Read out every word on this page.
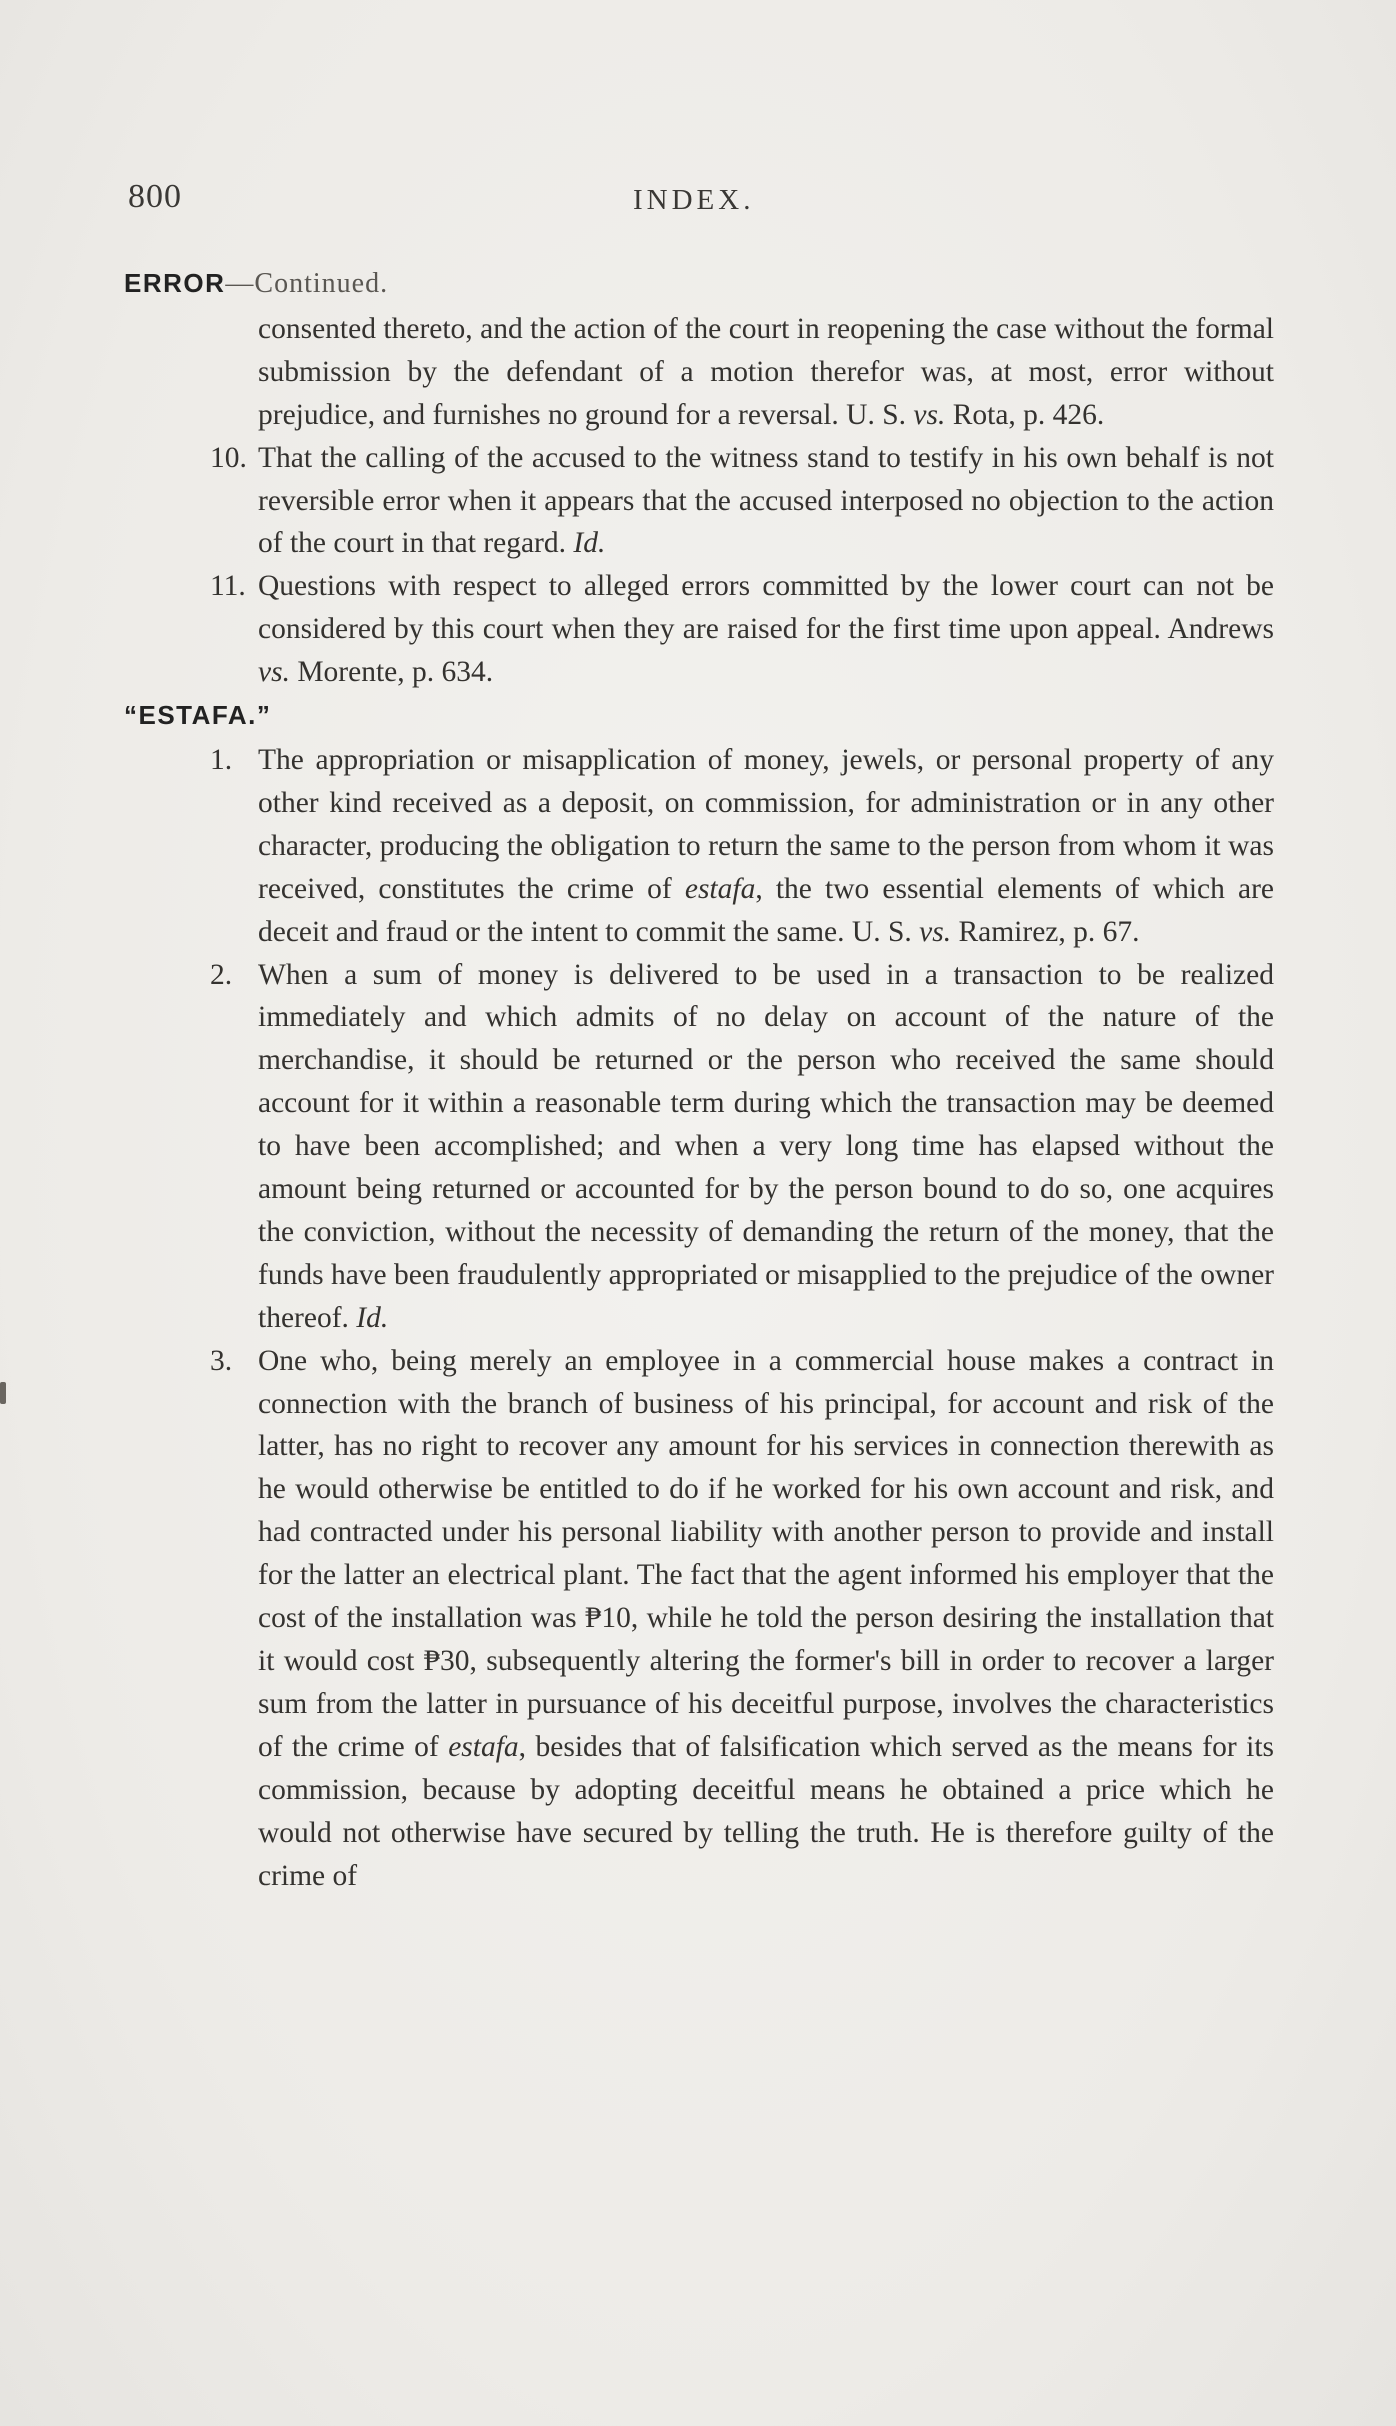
800	INDEX.
ERROR—Continued.

consented thereto, and the action of the court in reopening the case without the formal submission by the defendant of a motion therefor was, at most, error without prejudice, and furnishes no ground for a reversal. U. S. vs. Rota, p. 426.

10. That the calling of the accused to the witness stand to testify in his own behalf is not reversible error when it appears that the accused interposed no objection to the action of the court in that regard. Id.

11. Questions with respect to alleged errors committed by the lower court can not be considered by this court when they are raised for the first time upon appeal. Andrews vs. Morente, p. 634.

“ESTAFA.”

1. The appropriation or misapplication of money, jewels, or personal property of any other kind received as a deposit, on commission, for administration or in any other character, producing the obligation to return the same to the person from whom it was received, constitutes the crime of estafa, the two essential elements of which are deceit and fraud or the intent to commit the same. U. S. vs. Ramirez, p. 67.

2. When a sum of money is delivered to be used in a transaction to be realized immediately and which admits of no delay on account of the nature of the merchandise, it should be returned or the person who received the same should account for it within a reasonable term during which the transaction may be deemed to have been accomplished; and when a very long time has elapsed without the amount being returned or accounted for by the person bound to do so, one acquires the conviction, without the necessity of demanding the return of the money, that the funds have been fraudulently appropriated or misapplied to the prejudice of the owner thereof. Id.

3. One who, being merely an employee in a commercial house makes a contract in connection with the branch of business of his principal, for account and risk of the latter, has no right to recover any amount for his services in connection therewith as he would otherwise be entitled to do if he worked for his own account and risk, and had contracted under his personal liability with another person to provide and install for the latter an electrical plant. The fact that the agent informed his employer that the cost of the installation was ₱10, while he told the person desiring the installation that it would cost ₱30, subsequently altering the former's bill in order to recover a larger sum from the latter in pursuance of his deceitful purpose, involves the characteristics of the crime of estafa, besides that of falsification which served as the means for its commission, because by adopting deceitful means he obtained a price which he would not otherwise have secured by telling the truth. He is therefore guilty of the crime of
